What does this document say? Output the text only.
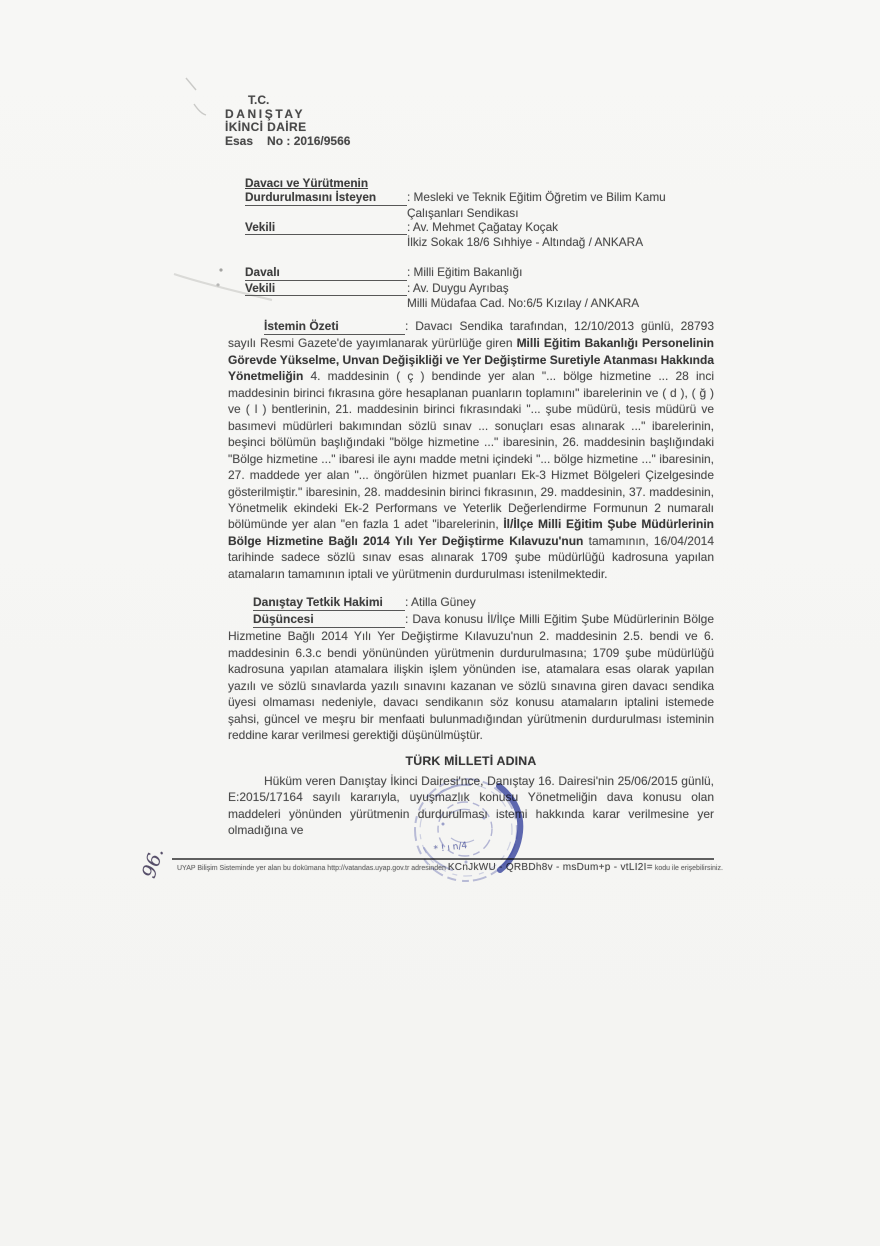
T.C.
DANIŞTAY
İKİNCİ DAİRE
Esas No : 2016/9566
Davacı ve Yürütmenin
Durdurulmasını İsteyen	: Mesleki ve Teknik Eğitim Öğretim ve Bilim Kamu
Çalışanları Sendikası
Vekili	: Av. Mehmet Çağatay Koçak
İlkiz Sokak 18/6 Sıhhiye - Altındağ / ANKARA
Davalı	: Milli Eğitim Bakanlığı
Vekili	: Av. Duygu Ayrıbaş
Milli Müdafaa Cad. No:6/5 Kızılay / ANKARA

İstemin Özeti	: Davacı Sendika tarafından, 12/10/2013 günlü, 28793 sayılı Resmi Gazete'de yayımlanarak yürürlüğe giren Milli Eğitim Bakanlığı Personelinin Görevde Yükselme, Unvan Değişikliği ve Yer Değiştirme Suretiyle Atanması Hakkında Yönetmeliğin 4. maddesinin ( ç ) bendinde yer alan "... bölge hizmetine ... 28 inci maddesinin birinci fıkrasına göre hesaplanan puanların toplamını" ibarelerinin ve ( d ), ( ğ ) ve ( l ) bentlerinin, 21. maddesinin birinci fıkrasındaki "... şube müdürü, tesis müdürü ve basımevi müdürleri bakımından sözlü sınav ... sonuçları esas alınarak ..." ibarelerinin, beşinci bölümün başlığındaki "bölge hizmetine ..." ibaresinin, 26. maddesinin başlığındaki "Bölge hizmetine ..." ibaresi ile aynı madde metni içindeki "... bölge hizmetine ..." ibaresinin, 27. maddede yer alan "... öngörülen hizmet puanları Ek-3 Hizmet Bölgeleri Çizelgesinde gösterilmiştir." ibaresinin, 28. maddesinin birinci fıkrasının, 29. maddesinin, 37. maddesinin, Yönetmelik ekindeki Ek-2 Performans ve Yeterlik Değerlendirme Formunun 2 numaralı bölümünde yer alan "en fazla 1 adet "ibarelerinin, İl/İlçe Milli Eğitim Şube Müdürlerinin Bölge Hizmetine Bağlı 2014 Yılı Yer Değiştirme Kılavuzu'nun tamamının, 16/04/2014 tarihinde sadece sözlü sınav esas alınarak 1709 şube müdürlüğü kadrosuna yapılan atamaların tamamının iptali ve yürütmenin durdurulması istenilmektedir.

Danıştay Tetkik Hakimi : Atilla Güney

Düşüncesi	: Dava konusu İl/İlçe Milli Eğitim Şube Müdürlerinin Bölge Hizmetine Bağlı 2014 Yılı Yer Değiştirme Kılavuzu'nun 2. maddesinin 2.5. bendi ve 6. maddesinin 6.3.c bendi yönününden yürütmenin durdurulmasına; 1709 şube müdürlüğü kadrosuna yapılan atamalara ilişkin işlem yönünden ise, atamalara esas olarak yapılan yazılı ve sözlü sınavlarda yazılı sınavını kazanan ve sözlü sınavına giren davacı sendika üyesi olmaması nedeniyle, davacı sendikanın söz konusu atamaların iptalini istemede şahsi, güncel ve meşru bir menfaati bulunmadığından yürütmenin durdurulması isteminin reddine karar verilmesi gerektiği düşünülmüştür.

TÜRK MİLLETİ ADINA

Hüküm veren Danıştay İkinci Dairesi'nce, Danıştay 16. Dairesi'nin 25/06/2015 günlü, E:2015/17164 sayılı kararıyla, uyuşmazlık konusu Yönetmeliğin dava konusu olan maddeleri yönünden yürütmenin durdurulması istemi hakkında karar verilmesine yer olmadığına ve

UYAP Bilişim Sisteminde yer alan bu dokümana http://vatandas.uyap.gov.tr adresinden KCnJkWU - QRBDh8v - msDum+p - vtLI2I= kodu ile erişebilirsiniz.
96.	* ! ı n/4
